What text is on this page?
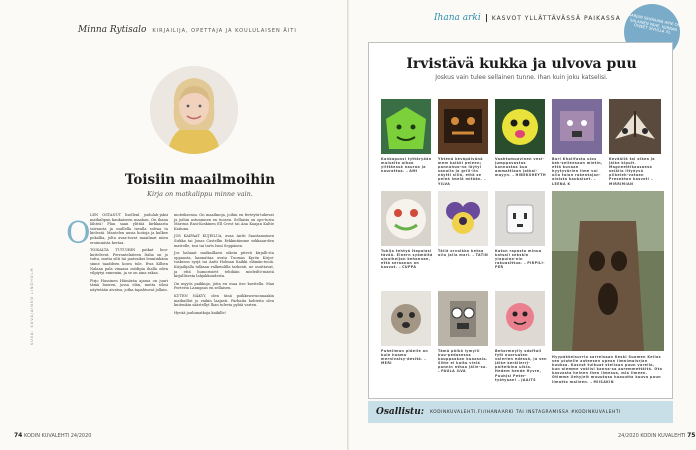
Minna Rytisalo KIRJAILIJA, OPETTAJA JA KOULULAISEN ÄITI
Toisiin maailmoihin
Kirja on matkalippu minne vain.
O

LEN OSTANUT lisellenI joululah-jaksi matkalipun kaukaiseen maahan. On ihana lähteä! Plan saan ylittää kirkkaasta taivaasta ja osallella tavalla solvaa ta kielestä. Mantelen uusia hoitoja ja kulkee pokallia, jolta avaa-tuvat maailmat niien eroimmista kertaa.

TOISALTA TUTUIHIN paikat hou-kuttelevat. Ferrantelaiteen Italia on jo tuttu, mutta silti tai jaatvaikei lenniinhänn sinne taaddeen kowa tule. Ewa Kilben Nalaaa pala vinaasa mödipia ihalla oden vilpiytyi ennemin, ja se on aina rakas.

Pirjo Hassinen Hämärän ajassa on juuri tämä buoren, jossa elän, mutta silosi näytetään aivatsa, jotka tapahtuvat jollain.

moteiksensa. On maailmoja, joihin en ferteytä-tukevat ja joihin astunmnen en tuosen. Sellaisia on ope-tusta Marissa Rasi-Koskinen Ell Crest tai Ana Kaajan Kaltie Kaituna.

JOS KAIPAAT KUJEILUA, avaa Antti Saastamoinen Sirkka tai Jonas Castellin Erkkintämme sekkaan-den matrolle, tosi tai tarts Ismi Seppänen.

Jos haluaat matkaillaesi oikein pitevä kirjalli-sta oppaasta, kannattaa avata Tuomas Kyrön Kirjoi-tuskeoss syrjä tai Antti Holman Kaikki elämän-teoiä. Kirjailijalla tulkaan valkeinlilla tarkeati, ne osoittavat, ja että humorisiett tehdään mieleiltö-mästä kirjallisesta lahjakkuudesta.

On myyös paikkoja, joita en osaa itse kuvitella. Max Porterin Lanngaus en sellaisen.

KUTEN NÄKYY, olen tänä poikkeusvuonnaakin matkaillut jo vaikin laajasti. Parhaita kohteita olen kuitenkin säästellyt lhan tulevia pyhiä varten.

Hyvää joulumatkoja kaikille!

KUVA: KUVAJAINEN LINDHOLM
74 KODIN KUVALEHTI 24/2020
Ihana arki KASVOT YLLÄTTÄVÄSSÄ PAIKASSA	SARJAN SEURAAVA AIHE ON SALAINEN PAHE. KERRAN OHJEET SIVULLA 31.
Irvistävä kukka ja ulvova puu
Joskus vain tulee sellainen tunne. Ihan kuin joku katselisi.
Kankapussi tyttäryään muiselta aikoo ylittäessä nauroa ja naurattaa. – AMI
Yhtenä keväpäivänä mem kaikki peleen; pannuhuo-na löytyi sanoila ja grill-lin näytti sillä, että se peleä imelä mitään. – YILVA
Vaahtomuovinen vesi-jumppavastus kannustaa kuu ammattiaan jatkai-mayyn. – HIBEKSHEYTH
Buri Khalifasta ulos kek-selleesaan mietin, että kuvaan hyytyvärien ilme voi olla talon rakentajan-oloista kaukaiset. – LEENA K
Keväällä tai oikea ja jälke kipuit. Magneettikausaesa selälla iltyöyvä pilkeleh-vatuen Presekton kasvot! – MIRRIMIAN
Tukija tehtyä Itapalasi tävää. Einern syömäitä ajoaiheljon kehonnan, että seraanan on kasvot. – CUPPA
Tällä orvoikko hetaa olla jalla mari. – TATIN
Katon rapasta minua katsali sekskin ylapuina-nin rakuasittuo. – PIRPILI-PER
Puheliman pidelle on kuin haamu mernivaisy-desitä. – MERI
Tämä pöikä lymylli kuu-pedasessa kauppaakan kuaasala. Sitte ei kuitu vielä pannin nthaa jälle-sa. – PAULA ILVA
Behormnylly sdoftall fytt nuoruuten valerien edessä, ja sen jälke kerällerrj-paiteikina ulkia. Hedem hende Hyvre, Puuhjsi Peter-työtyaan! – JAAITS
Hyypäkkelsurrla sarrelsaan Keski Suomen Kellos sen platelle auteesen upean ilmnimaisrjan kuuksa. Kasvot tulkuat stellaan puun varella, kun olemme vokiisi kanna-sa aaremmettältä. Ota kasvosta heinen Ihen ilmessa, mia ilmeen. Otimme liehyjelt muuutusa haasutta kauva puun ilmatta malleen. – MIISAKIN
Osallistu: KODINKUVALEHTI.FI/IHANAARKI TAI INSTAGRAMISSA #KODINKUVALEHTI
24/2020 KODIN KUVALEHTI 75
